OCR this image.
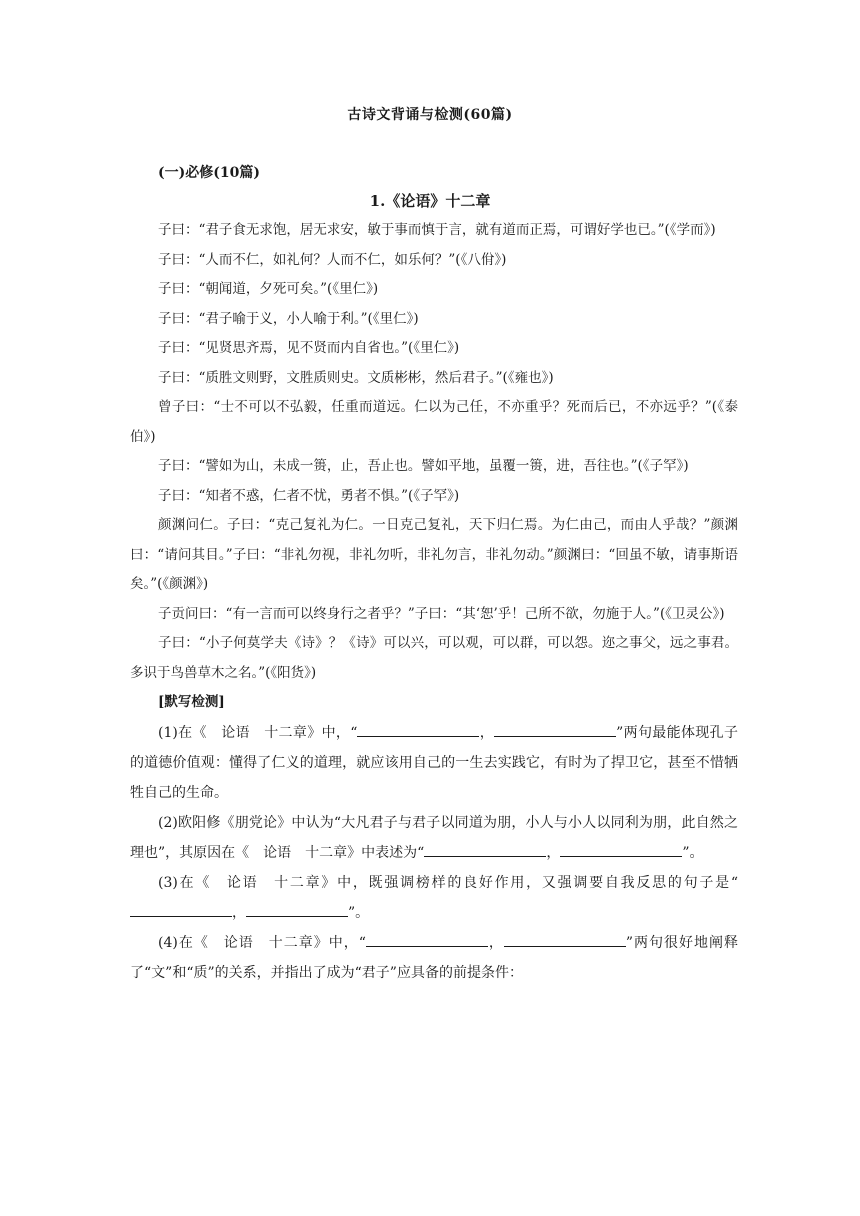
古诗文背诵与检测(60篇)
(一)必修(10篇)
1.《论语》十二章

子曰：“君子食无求饱，居无求安，敏于事而慎于言，就有道而正焉，可谓好学也已。”(《学而》)

子曰：“人而不仁，如礼何？人而不仁，如乐何？”(《八佾》)

子曰：“朝闻道，夕死可矣。”(《里仁》)

子曰：“君子喻于义，小人喻于利。”(《里仁》)

子曰：“见贤思齐焉，见不贤而内自省也。”(《里仁》)

子曰：“质胜文则野，文胜质则史。文质彬彬，然后君子。”(《雍也》)

曾子曰：“士不可以不弘毅，任重而道远。仁以为己任，不亦重乎？死而后已，不亦远乎？”(《泰伯》)

子曰：“譬如为山，未成一篑，止，吾止也。譬如平地，虽覆一篑，进，吾往也。”(《子罕》)

子曰：“知者不惑，仁者不忧，勇者不惧。”(《子罕》)

颜渊问仁。子曰：“克己复礼为仁。一日克己复礼，天下归仁焉。为仁由己，而由人乎哉？”颜渊曰：“请问其目。”子曰：“非礼勿视，非礼勿听，非礼勿言，非礼勿动。”颜渊曰：“回虽不敏，请事斯语矣。”(《颜渊》)

子贡问曰：“有一言而可以终身行之者乎？”子曰：“其‘恕’乎！己所不欲，勿施于人。”(《卫灵公》)

子曰：“小子何莫学夫《诗》？《诗》可以兴，可以观，可以群，可以怨。迩之事父，远之事君。多识于鸟兽草木之名。”(《阳货》)

[默写检测]

(1)在《　论语　十二章》中，“	，	”两句最能体现孔子的道德价值观：懂得了仁义的道理，就应该用自己的一生去实践它，有时为了捍卫它，甚至不惜牺牲自己的生命。

(2)欧阳修《朋党论》中认为“大凡君子与君子以同道为朋，小人与小人以同利为朋，此自然之理也”，其原因在《　论语　十二章》中表述为“	，	”。

(3)在《　论语　十二章》中，既强调榜样的良好作用，又强调要自我反思的句子是“，	”。

(4)在《　论语　十二章》中，“	，	”两句很好地阐释了“文”和“质”的关系，并指出了成为“君子”应具备的前提条件：
